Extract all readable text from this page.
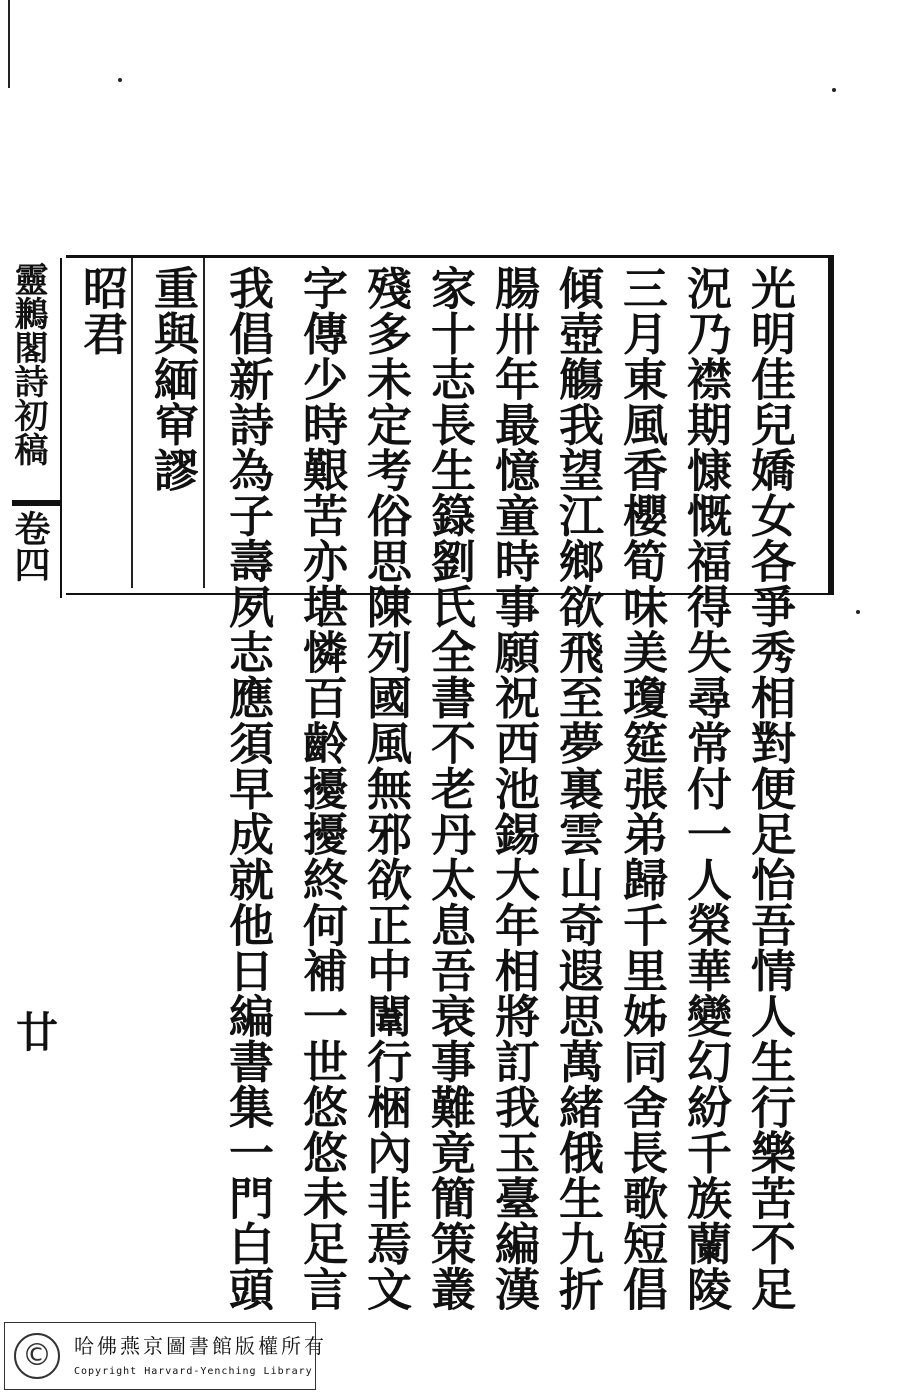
靈鶼閣詩初稿
卷四	光明佳兒嬌女各爭秀相對便足怡吾情人生行樂苦不足
況乃襟期慷慨福得失尋常付一人榮華變幻紛千族蘭陵
三月東風香櫻筍味美瓊筵張弟歸千里姊同舍長歌短倡
傾壺觴我望江鄉欲飛至夢裏雲山奇遐思萬緒俄生九折
腸卅年最憶童時事願祝西池錫大年相將訂我玉臺編漢
家十志長生籙劉氏全書不老丹太息吾衰事難竟簡策叢
殘多未定考俗思陳列國風無邪欲正中闈行梱內非焉文
字傳少時艱苦亦堪憐百齡擾擾終何補一世悠悠未足言
我倡新詩為子壽夙志應須早成就他日編書集一門白頭
重與緬䆘謬
昭君
廿
©	哈佛燕京圖書館版權所有
Copyright Harvard-Yenching Library
